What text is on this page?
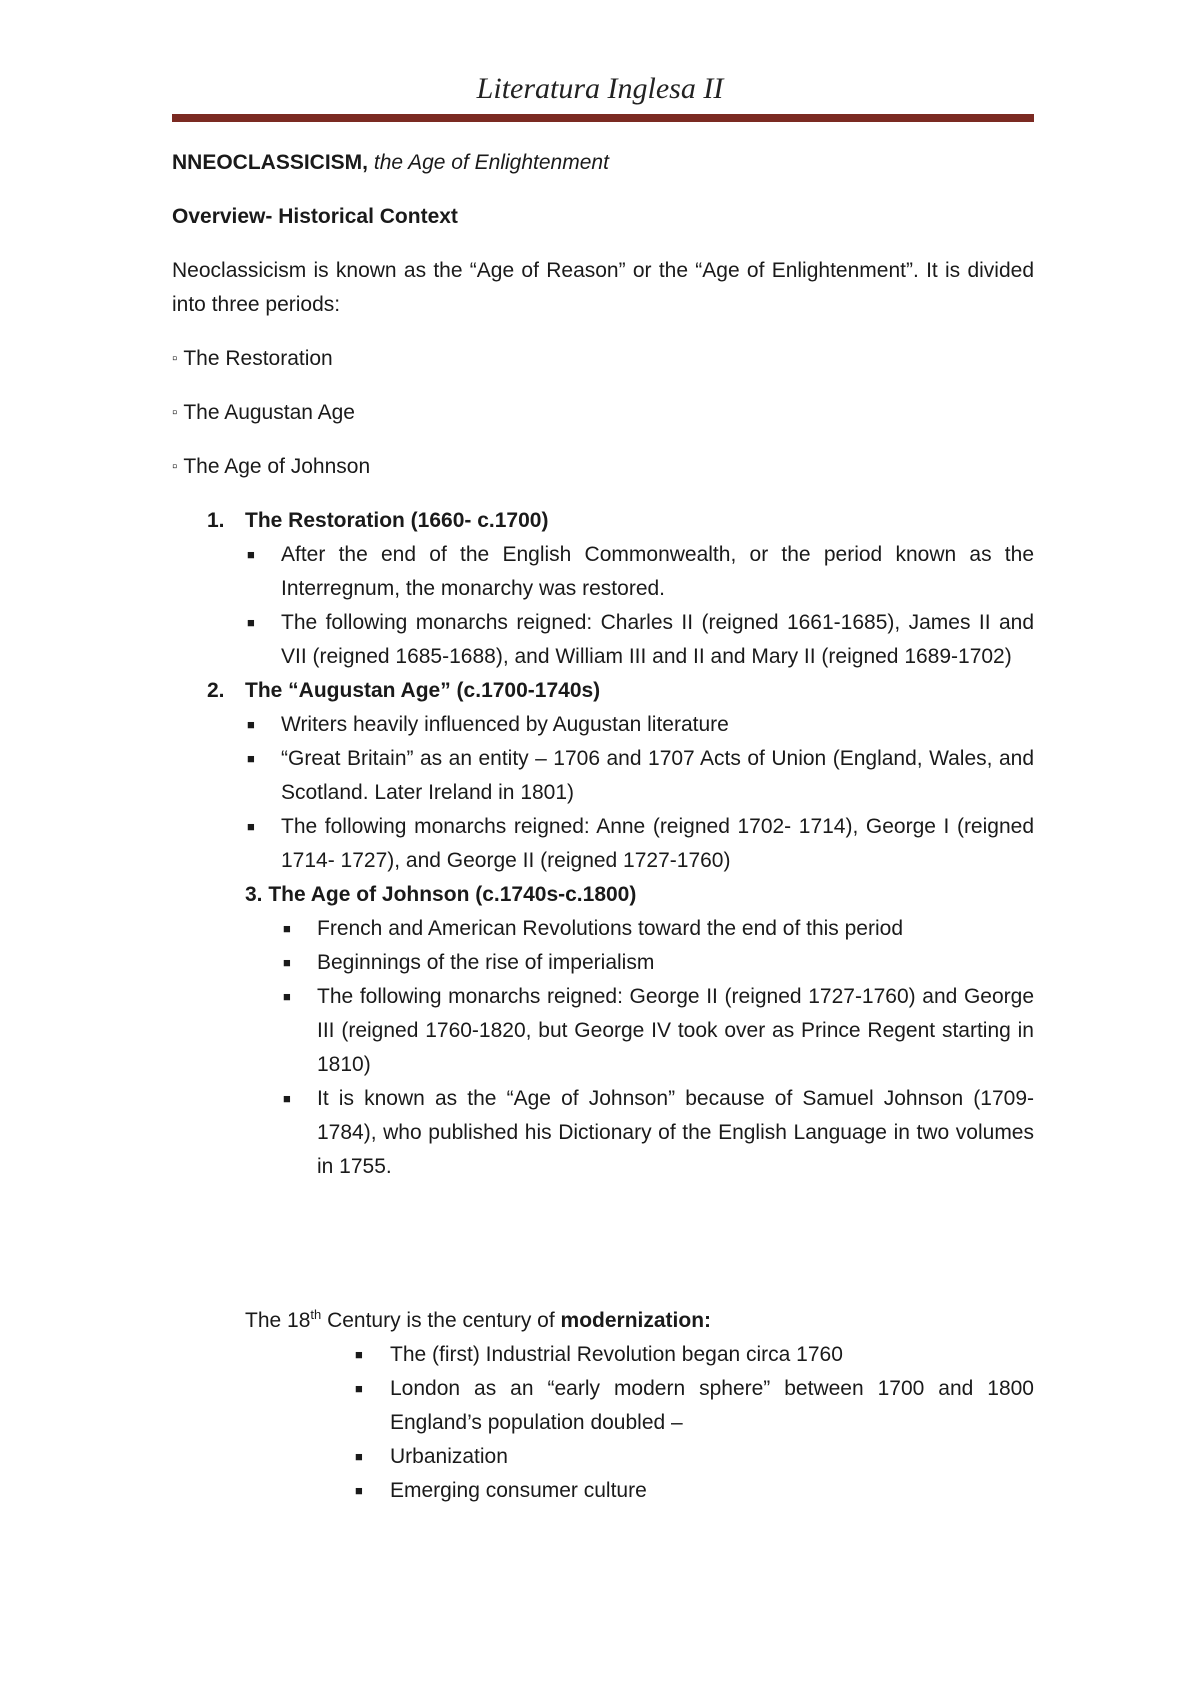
Literatura Inglesa II

NNEOCLASSICISM, the Age of Enlightenment

Overview- Historical Context

Neoclassicism is known as the “Age of Reason” or the “Age of Enlightenment”. It is divided into three periods:

▫ The Restoration

▫ The Augustan Age

▫ The Age of Johnson

1. The Restoration (1660- c.1700)
■ After the end of the English Commonwealth, or the period known as the Interregnum, the monarchy was restored.
■ The following monarchs reigned: Charles II (reigned 1661-1685), James II and VII (reigned 1685-1688), and William III and II and Mary II (reigned 1689-1702)
2. The “Augustan Age” (c.1700-1740s)
■ Writers heavily influenced by Augustan literature
■ “Great Britain” as an entity – 1706 and 1707 Acts of Union (England, Wales, and Scotland. Later Ireland in 1801)
■ The following monarchs reigned: Anne (reigned 1702- 1714), George I (reigned 1714- 1727), and George II (reigned 1727-1760)
3. The Age of Johnson (c.1740s-c.1800)
■ French and American Revolutions toward the end of this period
■ Beginnings of the rise of imperialism
■ The following monarchs reigned: George II (reigned 1727-1760) and George III (reigned 1760-1820, but George IV took over as Prince Regent starting in 1810)
■ It is known as the “Age of Johnson” because of Samuel Johnson (1709-1784), who published his Dictionary of the English Language in two volumes in 1755.

The 18th Century is the century of modernization:

■ The (first) Industrial Revolution began circa 1760
■ London as an “early modern sphere” between 1700 and 1800 England’s population doubled –
■ Urbanization
■ Emerging consumer culture
